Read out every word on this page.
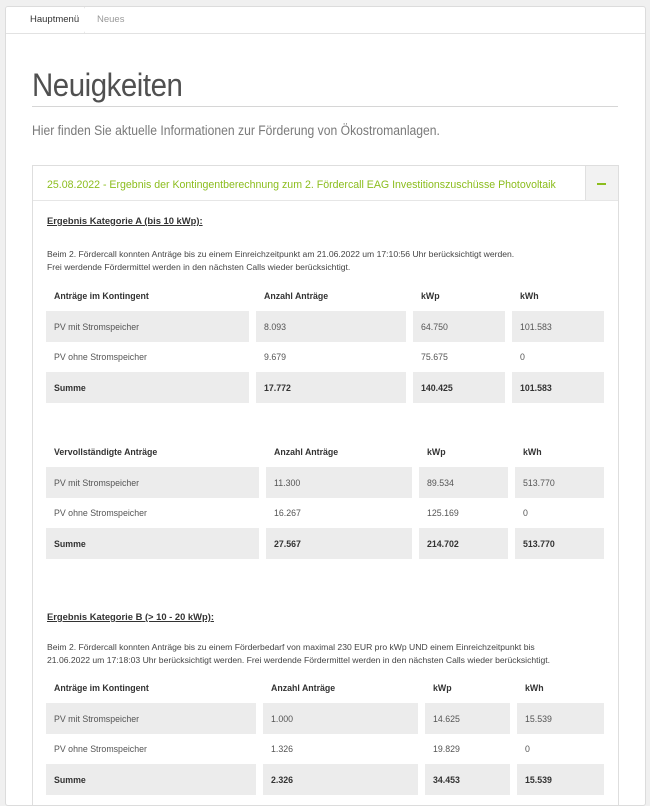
Hauptmenü	Neues
Neuigkeiten
Hier finden Sie aktuelle Informationen zur Förderung von Ökostromanlagen.
25.08.2022 - Ergebnis der Kontingentberechnung zum 2. Fördercall EAG Investitionszuschüsse Photovoltaik
Ergebnis Kategorie A (bis 10 kWp):
Beim 2. Fördercall konnten Anträge bis zu einem Einreichzeitpunkt am 21.06.2022 um 17:10:56 Uhr berücksichtigt werden.
Frei werdende Fördermittel werden in den nächsten Calls wieder berücksichtigt.
Anträge im Kontingent	Anzahl Anträge	kWp	kWh
PV mit Stromspeicher	8.093	64.750	101.583
PV ohne Stromspeicher	9.679	75.675	0
Summe	17.772	140.425	101.583
Vervollständigte Anträge	Anzahl Anträge	kWp	kWh
PV mit Stromspeicher	11.300	89.534	513.770
PV ohne Stromspeicher	16.267	125.169	0
Summe	27.567	214.702	513.770
Ergebnis Kategorie B (> 10 - 20 kWp):
Beim 2. Fördercall konnten Anträge bis zu einem Förderbedarf von maximal 230 EUR pro kWp UND einem Einreichzeitpunkt bis
21.06.2022 um 17:18:03 Uhr berücksichtigt werden. Frei werdende Fördermittel werden in den nächsten Calls wieder berücksichtigt.
Anträge im Kontingent	Anzahl Anträge	kWp	kWh
PV mit Stromspeicher	1.000	14.625	15.539
PV ohne Stromspeicher	1.326	19.829	0
Summe	2.326	34.453	15.539
